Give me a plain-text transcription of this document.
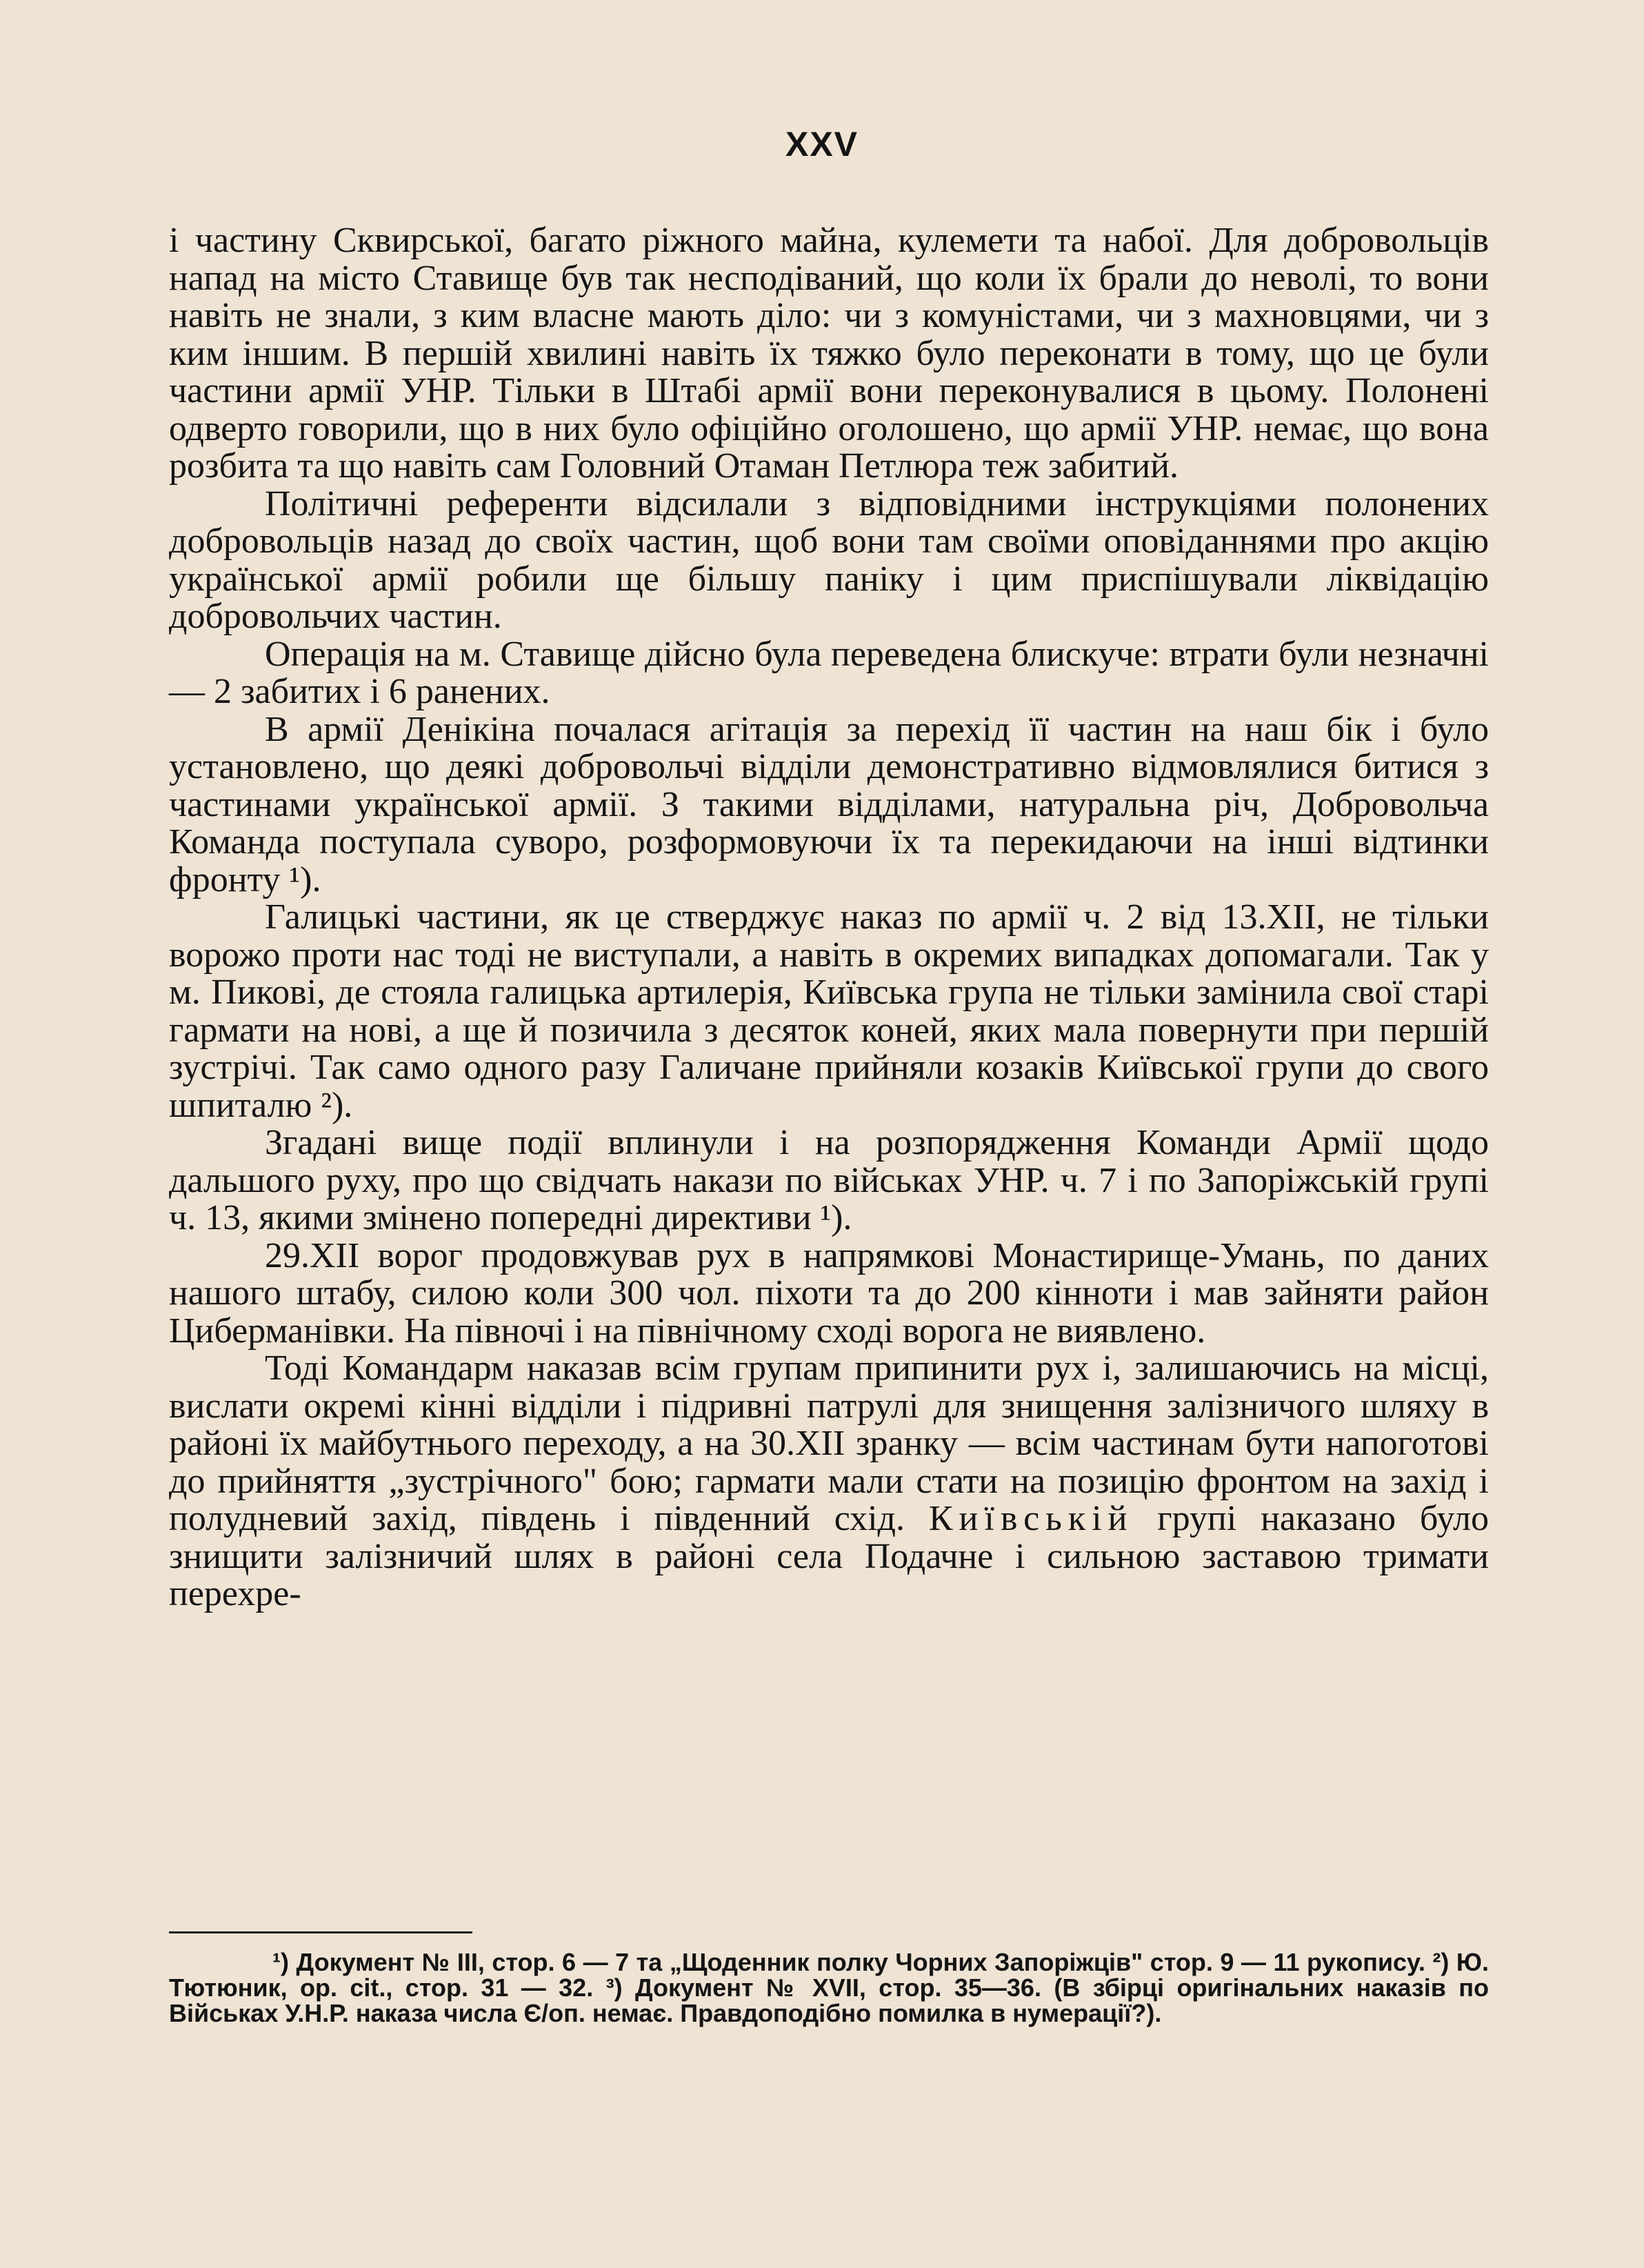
XXV

і частину Сквирської, багато ріжного майна, кулемети та набої. Для добровольців напад на місто Ставище був так несподіваний, що коли їх брали до неволі, то вони навіть не знали, з ким власне мають діло: чи з комуністами, чи з махновцями, чи з ким іншим. В першій хвилині навіть їх тяжко було переконати в тому, що це були частини армії УНР. Тільки в Штабі армії вони переконувалися в цьому. Полонені одверто говорили, що в них було офіційно оголошено, що армії УНР. немає, що вона розбита та що навіть сам Головний Отаман Петлюра теж забитий.

Політичні референти відсилали з відповідними інструкціями полонених добровольців назад до своїх частин, щоб вони там своїми оповіданнями про акцію української армії робили ще більшу паніку і цим приспішували ліквідацію добровольчих частин.

Операція на м. Ставище дійсно була переведена блискуче: втрати були незначні — 2 забитих і 6 ранених.

В армії Денікіна почалася агітація за перехід її частин на наш бік і було установлено, що деякі добровольчі відділи демонстративно відмовлялися битися з частинами української армії. З такими відділами, натуральна річ, Добровольча Команда поступала суворо, розформовуючи їх та перекидаючи на інші відтинки фронту ¹).

Галицькі частини, як це стверджує наказ по армії ч. 2 від 13.XII, не тільки ворожо проти нас тоді не виступали, а навіть в окремих випадках допомагали. Так у м. Пикові, де стояла галицька артилерія, Київська група не тільки замінила свої старі гармати на нові, а ще й позичила з десяток коней, яких мала повернути при першій зустрічі. Так само одного разу Галичане прийняли козаків Київської групи до свого шпиталю ²).

Згадані вище події вплинули і на розпорядження Команди Армії щодо дальшого руху, про що свідчать накази по військах УНР. ч. 7 і по Запоріжській групі ч. 13, якими змінено попередні директиви ¹).

29.XII ворог продовжував рух в напрямкові Монастирище-Умань, по даних нашого штабу, силою коли 300 чол. піхоти та до 200 кінноти і мав зайняти район Циберманівки. На півночі і на північному сході ворога не виявлено.

Тоді Командарм наказав всім групам припинити рух і, залишаючись на місці, вислати окремі кінні відділи і підривні патрулі для знищення залізничого шляху в районі їх майбутнього переходу, а на 30.XII зранку — всім частинам бути напоготові до прийняття „зустрічного" бою; гармати мали стати на позицію фронтом на захід і полудневий захід, південь і південний схід. Київській групі наказано було знищити залізничий шлях в районі села Подачне і сильною заставою тримати перехре-

¹) Документ № III, стор. 6 — 7 та „Щоденник полку Чорних Запоріжців" стор. 9 — 11 рукопису. ²) Ю. Тютюник, ор. cit., стор. 31 — 32. ³) Документ № XVII, стор. 35—36. (В збірці оригінальних наказів по Військах У.Н.Р. наказа числа Є/оп. немає. Правдоподібно помилка в нумерації?).
